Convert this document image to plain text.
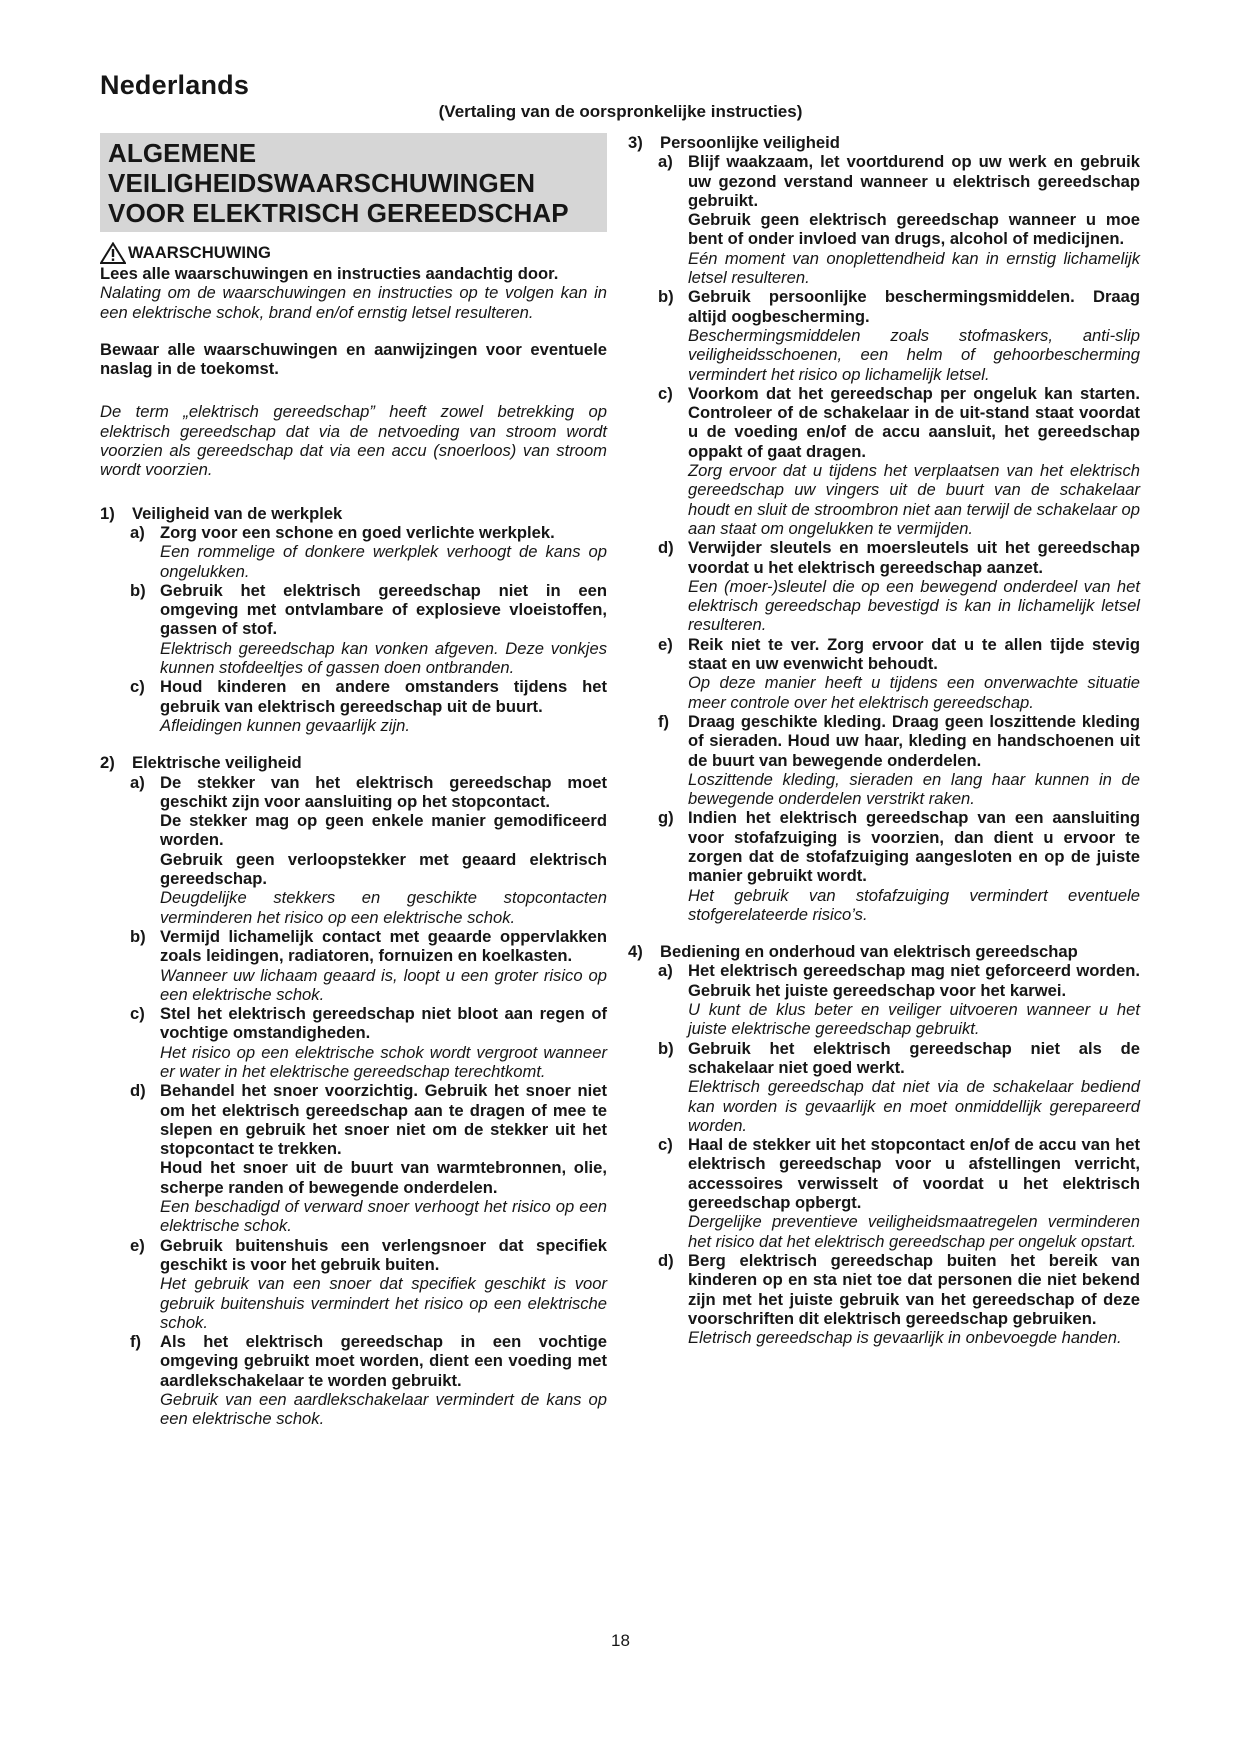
Nederlands
(Vertaling van de oorspronkelijke instructies)
ALGEMENE
VEILIGHEIDSWAARSCHUWINGEN
VOOR ELEKTRISCH GEREEDSCHAP
WAARSCHUWING

Lees alle waarschuwingen en instructies aandachtig door.

Nalating om de waarschuwingen en instructies op te volgen kan in een elektrische schok, brand en/of ernstig letsel resulteren.

Bewaar alle waarschuwingen en aanwijzingen voor eventuele naslag in de toekomst.

De term „elektrisch gereedschap” heeft zowel betrekking op elektrisch gereedschap dat via de netvoeding van stroom wordt voorzien als gereedschap dat via een accu (snoerloos) van stroom wordt voorzien.

1)	Veiligheid van de werkplek
a) Zorg voor een schone en goed verlichte werkplek.

Een rommelige of donkere werkplek verhoogt de kans op ongelukken.

b) Gebruik het elektrisch gereedschap niet in een omgeving met ontvlambare of explosieve vloeistoffen, gassen of stof.

Elektrisch gereedschap kan vonken afgeven. Deze vonkjes kunnen stofdeeltjes of gassen doen ontbranden.

c) Houd kinderen en andere omstanders tijdens het gebruik van elektrisch gereedschap uit de buurt.

Afleidingen kunnen gevaarlijk zijn.

2)	Elektrische veiligheid
a) De stekker van het elektrisch gereedschap moet geschikt zijn voor aansluiting op het stopcontact.

De stekker mag op geen enkele manier gemodificeerd worden.

Gebruik geen verloopstekker met geaard elektrisch gereedschap.

Deugdelijke stekkers en geschikte stopcontacten verminderen het risico op een elektrische schok.

b) Vermijd lichamelijk contact met geaarde oppervlakken zoals leidingen, radiatoren, fornuizen en koelkasten.

Wanneer uw lichaam geaard is, loopt u een groter risico op een elektrische schok.

c) Stel het elektrisch gereedschap niet bloot aan regen of vochtige omstandigheden.

Het risico op een elektrische schok wordt vergroot wanneer er water in het elektrische gereedschap terechtkomt.

d) Behandel het snoer voorzichtig. Gebruik het snoer niet om het elektrisch gereedschap aan te dragen of mee te slepen en gebruik het snoer niet om de stekker uit het stopcontact te trekken.

Houd het snoer uit de buurt van warmtebronnen, olie, scherpe randen of bewegende onderdelen.

Een beschadigd of verward snoer verhoogt het risico op een elektrische schok.

e) Gebruik buitenshuis een verlengsnoer dat specifiek geschikt is voor het gebruik buiten.

Het gebruik van een snoer dat specifiek geschikt is voor gebruik buitenshuis vermindert het risico op een elektrische schok.

f)	Als het elektrisch gereedschap in een vochtige omgeving gebruikt moet worden, dient een voeding met aardlekschakelaar te worden gebruikt.

Gebruik van een aardlekschakelaar vermindert de kans op een elektrische schok.

3)	Persoonlijke veiligheid
a) Blijf waakzaam, let voortdurend op uw werk en gebruik uw gezond verstand wanneer u elektrisch gereedschap gebruikt.

Gebruik geen elektrisch gereedschap wanneer u moe bent of onder invloed van drugs, alcohol of medicijnen.

Eén moment van onoplettendheid kan in ernstig lichamelijk letsel resulteren.

b) Gebruik persoonlijke beschermingsmiddelen. Draag altijd oogbescherming.

Beschermingsmiddelen zoals stofmaskers, anti-slip veiligheidsschoenen, een helm of gehoorbescherming vermindert het risico op lichamelijk letsel.

c) Voorkom dat het gereedschap per ongeluk kan starten. Controleer of de schakelaar in de uit-stand staat voordat u de voeding en/of de accu aansluit, het gereedschap oppakt of gaat dragen.

Zorg ervoor dat u tijdens het verplaatsen van het elektrisch gereedschap uw vingers uit de buurt van de schakelaar houdt en sluit de stroombron niet aan terwijl de schakelaar op aan staat om ongelukken te vermijden.

d) Verwijder sleutels en moersleutels uit het gereedschap voordat u het elektrisch gereedschap aanzet.

Een (moer-)sleutel die op een bewegend onderdeel van het elektrisch gereedschap bevestigd is kan in lichamelijk letsel resulteren.

e) Reik niet te ver. Zorg ervoor dat u te allen tijde stevig staat en uw evenwicht behoudt.

Op deze manier heeft u tijdens een onverwachte situatie meer controle over het elektrisch gereedschap.

f)	Draag geschikte kleding. Draag geen loszittende kleding of sieraden. Houd uw haar, kleding en handschoenen uit de buurt van bewegende onderdelen.

Loszittende kleding, sieraden en lang haar kunnen in de bewegende onderdelen verstrikt raken.

g) Indien het elektrisch gereedschap van een aansluiting voor stofafzuiging is voorzien, dan dient u ervoor te zorgen dat de stofafzuiging aangesloten en op de juiste manier gebruikt wordt.

Het gebruik van stofafzuiging vermindert eventuele stofgerelateerde risico’s.

4)	Bediening en onderhoud van elektrisch gereedschap
a) Het elektrisch gereedschap mag niet geforceerd worden. Gebruik het juiste gereedschap voor het karwei.

U kunt de klus beter en veiliger uitvoeren wanneer u het juiste elektrische gereedschap gebruikt.

b) Gebruik het elektrisch gereedschap niet als de schakelaar niet goed werkt.

Elektrisch gereedschap dat niet via de schakelaar bediend kan worden is gevaarlijk en moet onmiddellijk gerepareerd worden.

c) Haal de stekker uit het stopcontact en/of de accu van het elektrisch gereedschap voor u afstellingen verricht, accessoires verwisselt of voordat u het elektrisch gereedschap opbergt.

Dergelijke preventieve veiligheidsmaatregelen verminderen het risico dat het elektrisch gereedschap per ongeluk opstart.

d) Berg elektrisch gereedschap buiten het bereik van kinderen op en sta niet toe dat personen die niet bekend zijn met het juiste gebruik van het gereedschap of deze voorschriften dit elektrisch gereedschap gebruiken.

Eletrisch gereedschap is gevaarlijk in onbevoegde handen.

18
